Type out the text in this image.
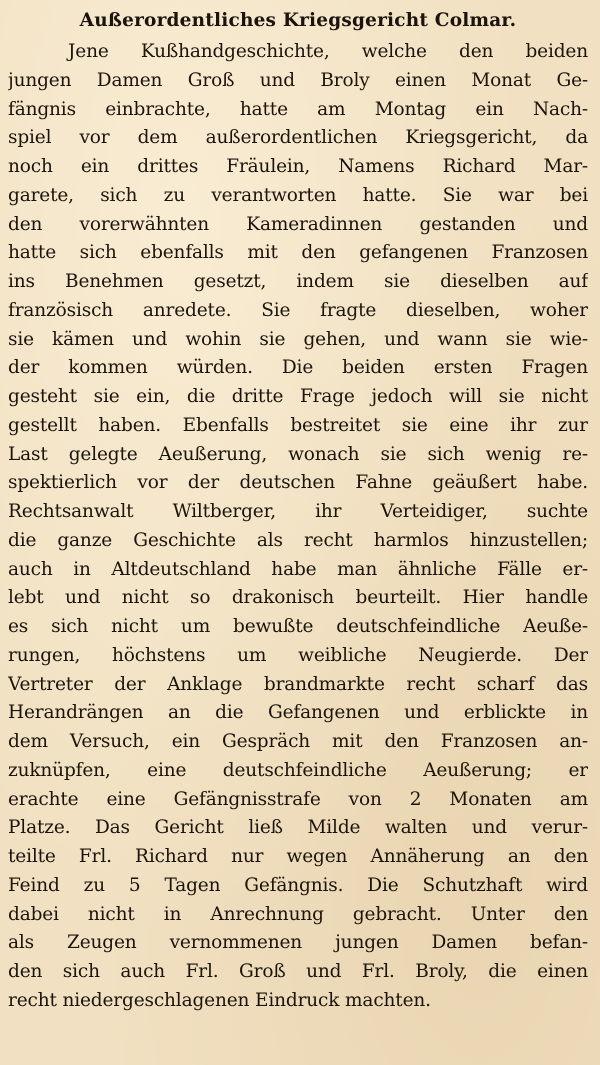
Außerordentliches Kriegsgericht Colmar.
Jene Kußhandgeschichte, welche den beiden
jungen Damen Groß und Broly einen Monat Ge-
fängnis einbrachte, hatte am Montag ein Nach-
spiel vor dem außerordentlichen Kriegsgericht, da
noch ein drittes Fräulein, Namens Richard Mar-
garete, sich zu verantworten hatte. Sie war bei
den vorerwähnten Kameradinnen gestanden und
hatte sich ebenfalls mit den gefangenen Franzosen
ins Benehmen gesetzt, indem sie dieselben auf
französisch anredete. Sie fragte dieselben, woher
sie kämen und wohin sie gehen, und wann sie wie-
der kommen würden. Die beiden ersten Fragen
gesteht sie ein, die dritte Frage jedoch will sie nicht
gestellt haben. Ebenfalls bestreitet sie eine ihr zur
Last gelegte Aeußerung, wonach sie sich wenig re-
spektierlich vor der deutschen Fahne geäußert habe.
Rechtsanwalt Wiltberger, ihr Verteidiger, suchte
die ganze Geschichte als recht harmlos hinzustellen;
auch in Altdeutschland habe man ähnliche Fälle er-
lebt und nicht so drakonisch beurteilt. Hier handle
es sich nicht um bewußte deutschfeindliche Aeuße-
rungen, höchstens um weibliche Neugierde. Der
Vertreter der Anklage brandmarkte recht scharf das
Herandrängen an die Gefangenen und erblickte in
dem Versuch, ein Gespräch mit den Franzosen an-
zuknüpfen, eine deutschfeindliche Aeußerung; er
erachte eine Gefängnisstrafe von 2 Monaten am
Platze. Das Gericht ließ Milde walten und verur-
teilte Frl. Richard nur wegen Annäherung an den
Feind zu 5 Tagen Gefängnis. Die Schutzhaft wird
dabei nicht in Anrechnung gebracht. Unter den
als Zeugen vernommenen jungen Damen befan-
den sich auch Frl. Groß und Frl. Broly, die einen
recht niedergeschlagenen Eindruck machten.
